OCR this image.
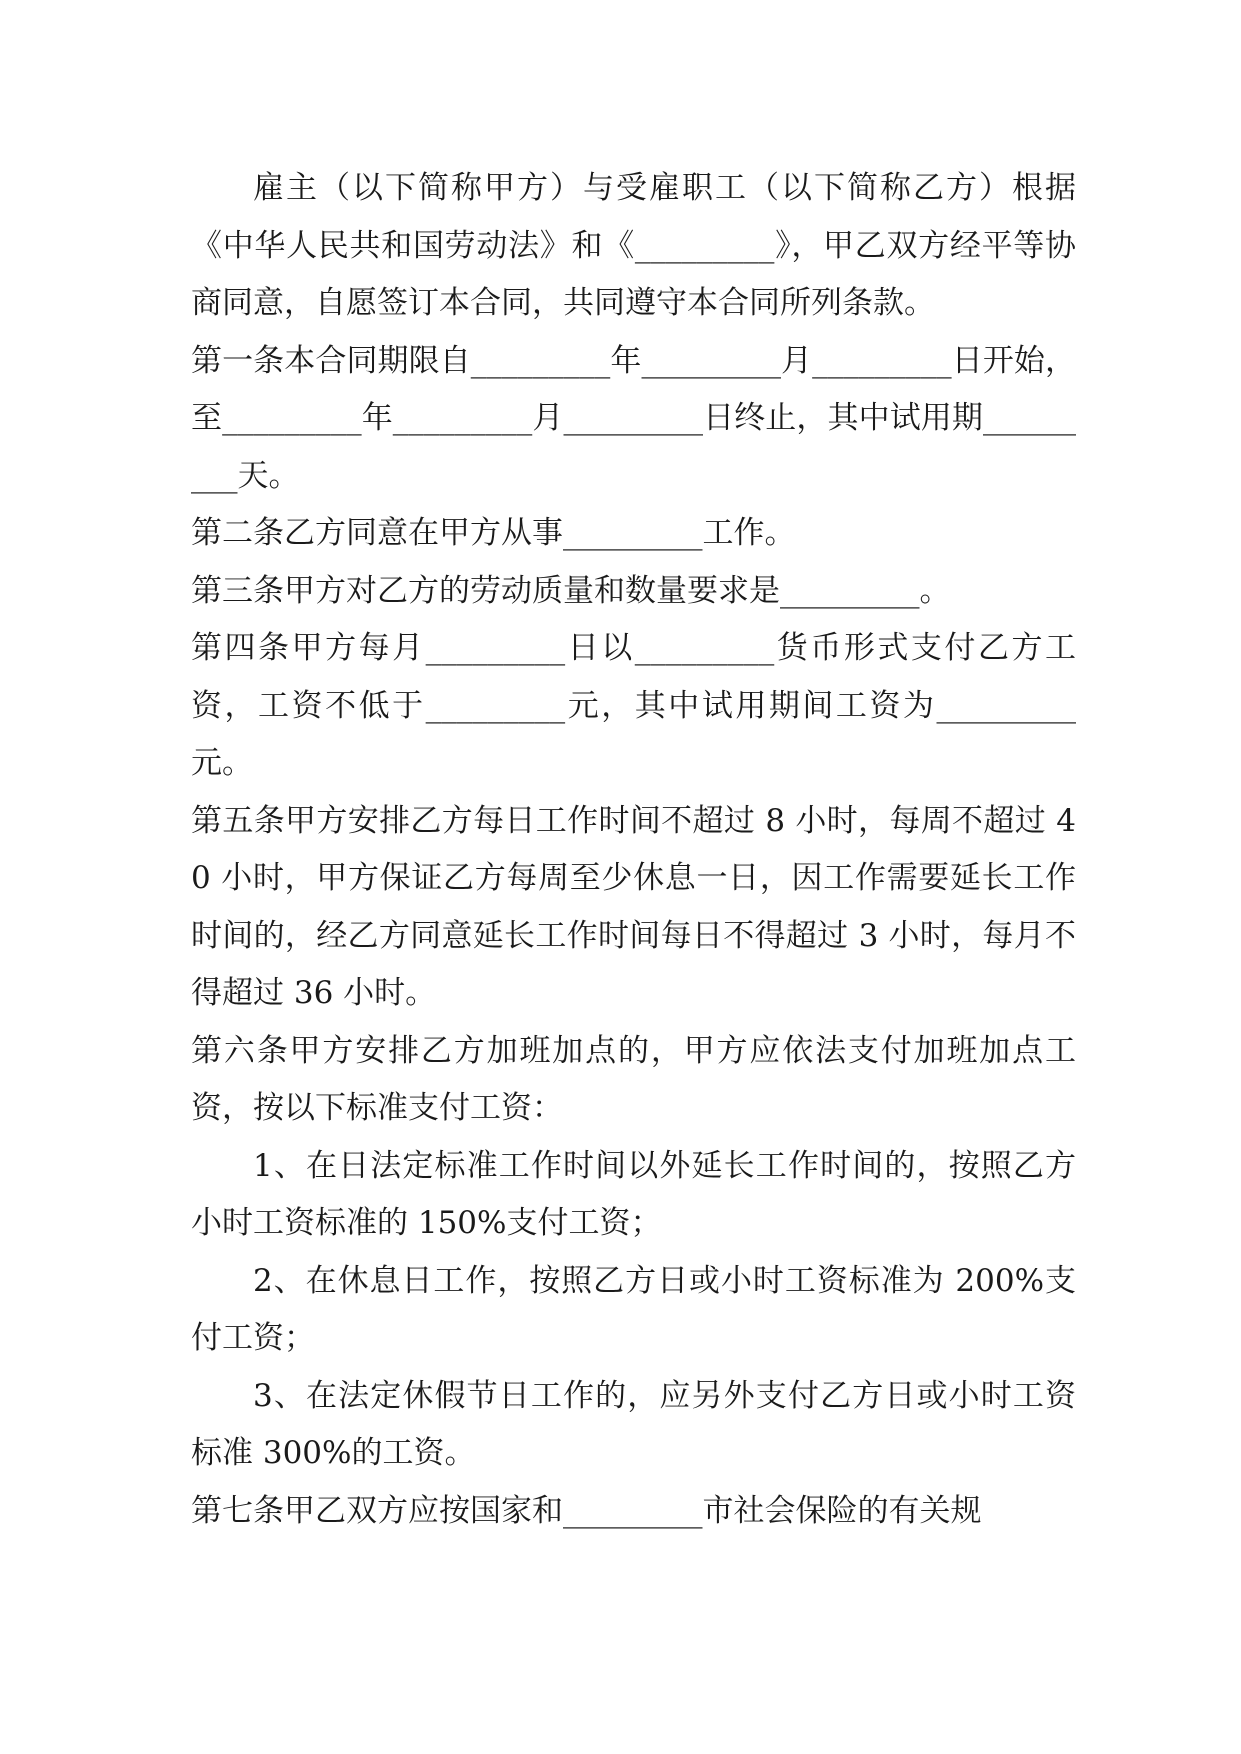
雇主（以下简称甲方）与受雇职工（以下简称乙方）根据《中华人民共和国劳动法》和《_________》，甲乙双方经平等协商同意，自愿签订本合同，共同遵守本合同所列条款。

第一条本合同期限自_________年_________月_________日开始，至_________年_________月_________日终止，其中试用期_________天。

第二条乙方同意在甲方从事_________工作。

第三条甲方对乙方的劳动质量和数量要求是_________。

第四条甲方每月_________日以_________货币形式支付乙方工资，工资不低于_________元，其中试用期间工资为_________元。

第五条甲方安排乙方每日工作时间不超过 8 小时，每周不超过 40 小时，甲方保证乙方每周至少休息一日，因工作需要延长工作时间的，经乙方同意延长工作时间每日不得超过 3 小时，每月不得超过 36 小时。

第六条甲方安排乙方加班加点的，甲方应依法支付加班加点工资，按以下标准支付工资：

1、在日法定标准工作时间以外延长工作时间的，按照乙方小时工资标准的 150%支付工资；

2、在休息日工作，按照乙方日或小时工资标准为 200%支付工资；

3、在法定休假节日工作的，应另外支付乙方日或小时工资标准 300%的工资。

第七条甲乙双方应按国家和_________市社会保险的有关规
